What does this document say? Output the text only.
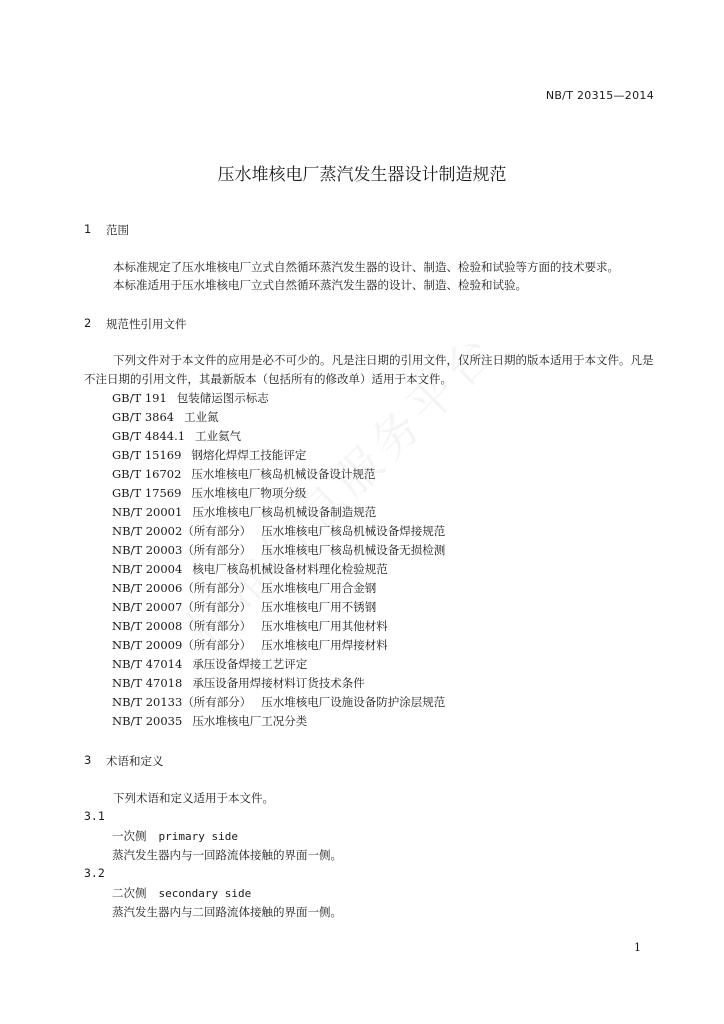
NB/T 20315—2014
压水堆核电厂蒸汽发生器设计制造规范
1 范围
本标准规定了压水堆核电厂立式自然循环蒸汽发生器的设计、制造、检验和试验等方面的技术要求。
本标准适用于压水堆核电厂立式自然循环蒸汽发生器的设计、制造、检验和试验。
2 规范性引用文件
下列文件对于本文件的应用是必不可少的。凡是注日期的引用文件，仅所注日期的版本适用于本文件。凡是不注日期的引用文件，其最新版本（包括所有的修改单）适用于本文件。
GB/T 191 包装储运图示标志
GB/T 3864 工业氮
GB/T 4844.1 工业氦气
GB/T 15169 钢熔化焊焊工技能评定
GB/T 16702 压水堆核电厂核岛机械设备设计规范
GB/T 17569 压水堆核电厂物项分级
NB/T 20001 压水堆核电厂核岛机械设备制造规范
NB/T 20002（所有部分） 压水堆核电厂核岛机械设备焊接规范
NB/T 20003（所有部分） 压水堆核电厂核岛机械设备无损检测
NB/T 20004 核电厂核岛机械设备材料理化检验规范
NB/T 20006（所有部分） 压水堆核电厂用合金钢
NB/T 20007（所有部分） 压水堆核电厂用不锈钢
NB/T 20008（所有部分） 压水堆核电厂用其他材料
NB/T 20009（所有部分） 压水堆核电厂用焊接材料
NB/T 47014 承压设备焊接工艺评定
NB/T 47018 承压设备用焊接材料订货技术条件
NB/T 20133（所有部分） 压水堆核电厂设施设备防护涂层规范
NB/T 20035 压水堆核电厂工况分类
3 术语和定义
下列术语和定义适用于本文件。
3.1
一次侧 primary side
蒸汽发生器内与一回路流体接触的界面一侧。
3.2
二次侧 secondary side
蒸汽发生器内与二回路流体接触的界面一侧。
1
